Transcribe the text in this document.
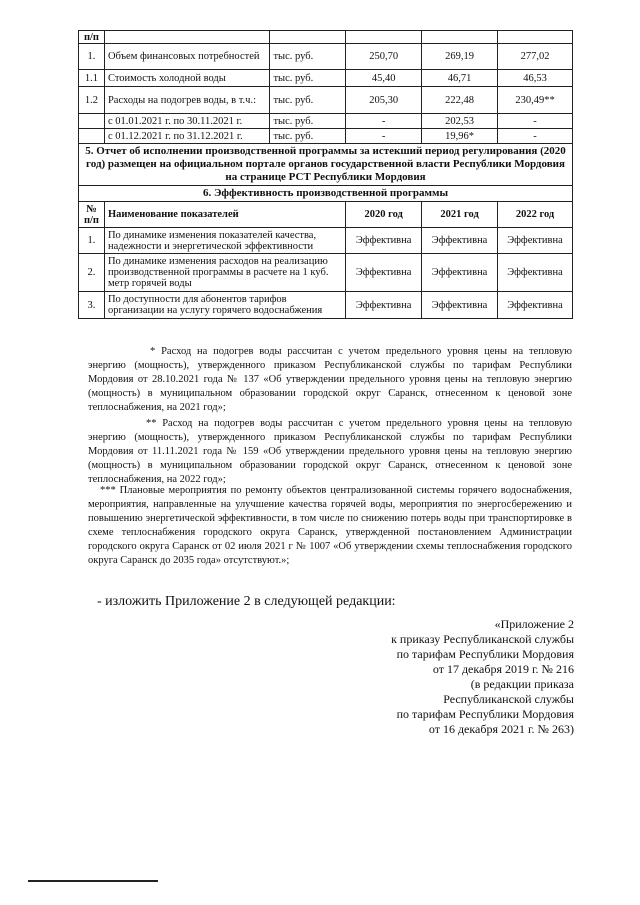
п/п					
1.	Объем финансовых потребностей	тыс. руб.	250,70	269,19	277,02
1.1	Стоимость холодной воды	тыс. руб.	45,40	46,71	46,53
1.2	Расходы на подогрев воды, в т.ч.:	тыс. руб.	205,30	222,48	230,49**
	с 01.01.2021 г. по 30.11.2021 г.	тыс. руб.	-	202,53	-
	с 01.12.2021 г. по 31.12.2021 г.	тыс. руб.	-	19,96*	-
5. Отчет об исполнении производственной программы за истекший период регулирования (2020 год) размещен на официальном портале органов государственной власти Республики Мордовия на странице РСТ Республики Мордовия					
6. Эффективность производственной программы					
№ п/п	Наименование показателей		2020 год	2021 год	2022 год
1.	По динамике изменения показателей качества, надежности и энергетической эффективности		Эффективна	Эффективна	Эффективна
2.	По динамике изменения расходов на реализацию производственной программы в расчете на 1 куб. метр горячей воды		Эффективна	Эффективна	Эффективна
3.	По доступности для абонентов тарифов организации на услугу горячего водоснабжения		Эффективна	Эффективна	Эффективна

* Расход на подогрев воды рассчитан с учетом предельного уровня цены на тепловую энергию (мощность), утвержденного приказом Республиканской службы по тарифам Республики Мордовия от 28.10.2021 года № 137 «Об утверждении предельного уровня цены на тепловую энергию (мощность) в муниципальном образовании городской округ Саранск, отнесенном к ценовой зоне теплоснабжения, на 2021 год»;

** Расход на подогрев воды рассчитан с учетом предельного уровня цены на тепловую энергию (мощность), утвержденного приказом Республиканской службы по тарифам Республики Мордовия от 11.11.2021 года № 159 «Об утверждении предельного уровня цены на тепловую энергию (мощность) в муниципальном образовании городской округ Саранск, отнесенном к ценовой зоне теплоснабжения, на 2022 год»;

*** Плановые мероприятия по ремонту объектов централизованной системы горячего водоснабжения, мероприятия, направленные на улучшение качества горячей воды, мероприятия по энергосбережению и повышению энергетической эффективности, в том числе по снижению потерь воды при транспортировке в схеме теплоснабжения городского округа Саранск, утвержденной постановлением Администрации городского округа Саранск от 02 июля 2021 г № 1007 «Об утверждении схемы теплоснабжения городского округа Саранск до 2035 года» отсутствуют.»;

- изложить Приложение 2 в следующей редакции:

«Приложение 2
к приказу Республиканской службы
по тарифам Республики Мордовия
от 17 декабря 2019 г. № 216
(в редакции приказа
Республиканской службы
по тарифам Республики Мордовия
от 16 декабря 2021 г. № 263)
